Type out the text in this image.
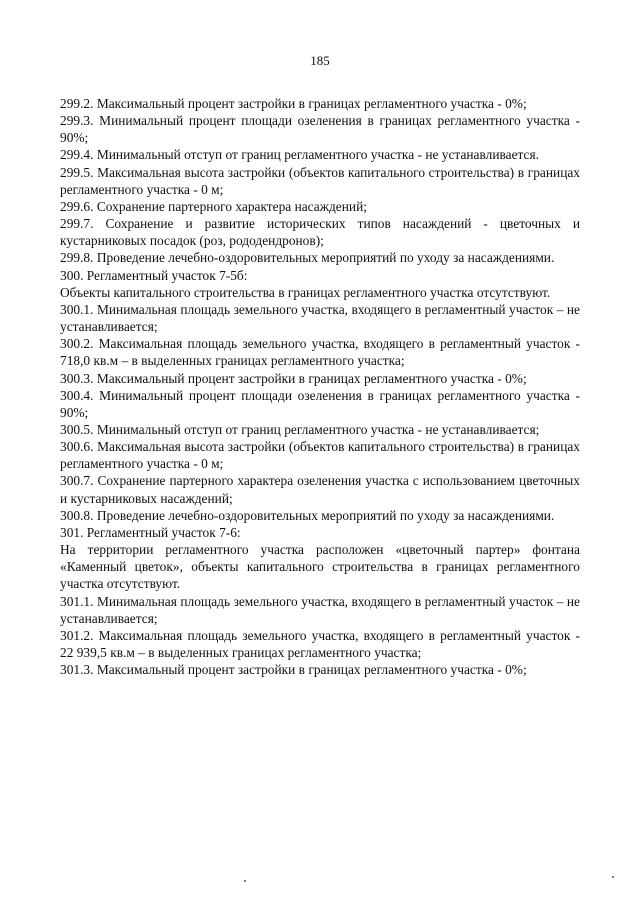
185

299.2. Максимальный процент застройки в границах регламентного участка - 0%;

299.3. Минимальный процент площади озеленения в границах регламентного участка - 90%;

299.4. Минимальный отступ от границ регламентного участка - не устанавливается.

299.5. Максимальная высота застройки (объектов капитального строительства) в границах регламентного участка - 0 м;

299.6. Сохранение партерного характера насаждений;

299.7. Сохранение и развитие исторических типов насаждений - цветочных и кустарниковых посадок (роз, рододендронов);

299.8. Проведение лечебно-оздоровительных мероприятий по уходу за насаждениями.

300. Регламентный участок 7-5б:

Объекты капитального строительства в границах регламентного участка отсутствуют.

300.1. Минимальная площадь земельного участка, входящего в регламентный участок – не устанавливается;

300.2. Максимальная площадь земельного участка, входящего в регламентный участок - 718,0 кв.м – в выделенных границах регламентного участка;

300.3. Максимальный процент застройки в границах регламентного участка - 0%;

300.4. Минимальный процент площади озеленения в границах регламентного участка - 90%;

300.5. Минимальный отступ от границ регламентного участка - не устанавливается;

300.6. Максимальная высота застройки (объектов капитального строительства) в границах регламентного участка - 0 м;

300.7. Сохранение партерного характера озеленения участка с использованием цветочных и кустарниковых насаждений;

300.8. Проведение лечебно-оздоровительных мероприятий по уходу за насаждениями.

301. Регламентный участок 7-6:

На территории регламентного участка расположен «цветочный партер» фонтана «Каменный цветок», объекты капитального строительства в границах регламентного участка отсутствуют.

301.1. Минимальная площадь земельного участка, входящего в регламентный участок – не устанавливается;

301.2. Максимальная площадь земельного участка, входящего в регламентный участок - 22 939,5 кв.м – в выделенных границах регламентного участка;

301.3. Максимальный процент застройки в границах регламентного участка - 0%;
